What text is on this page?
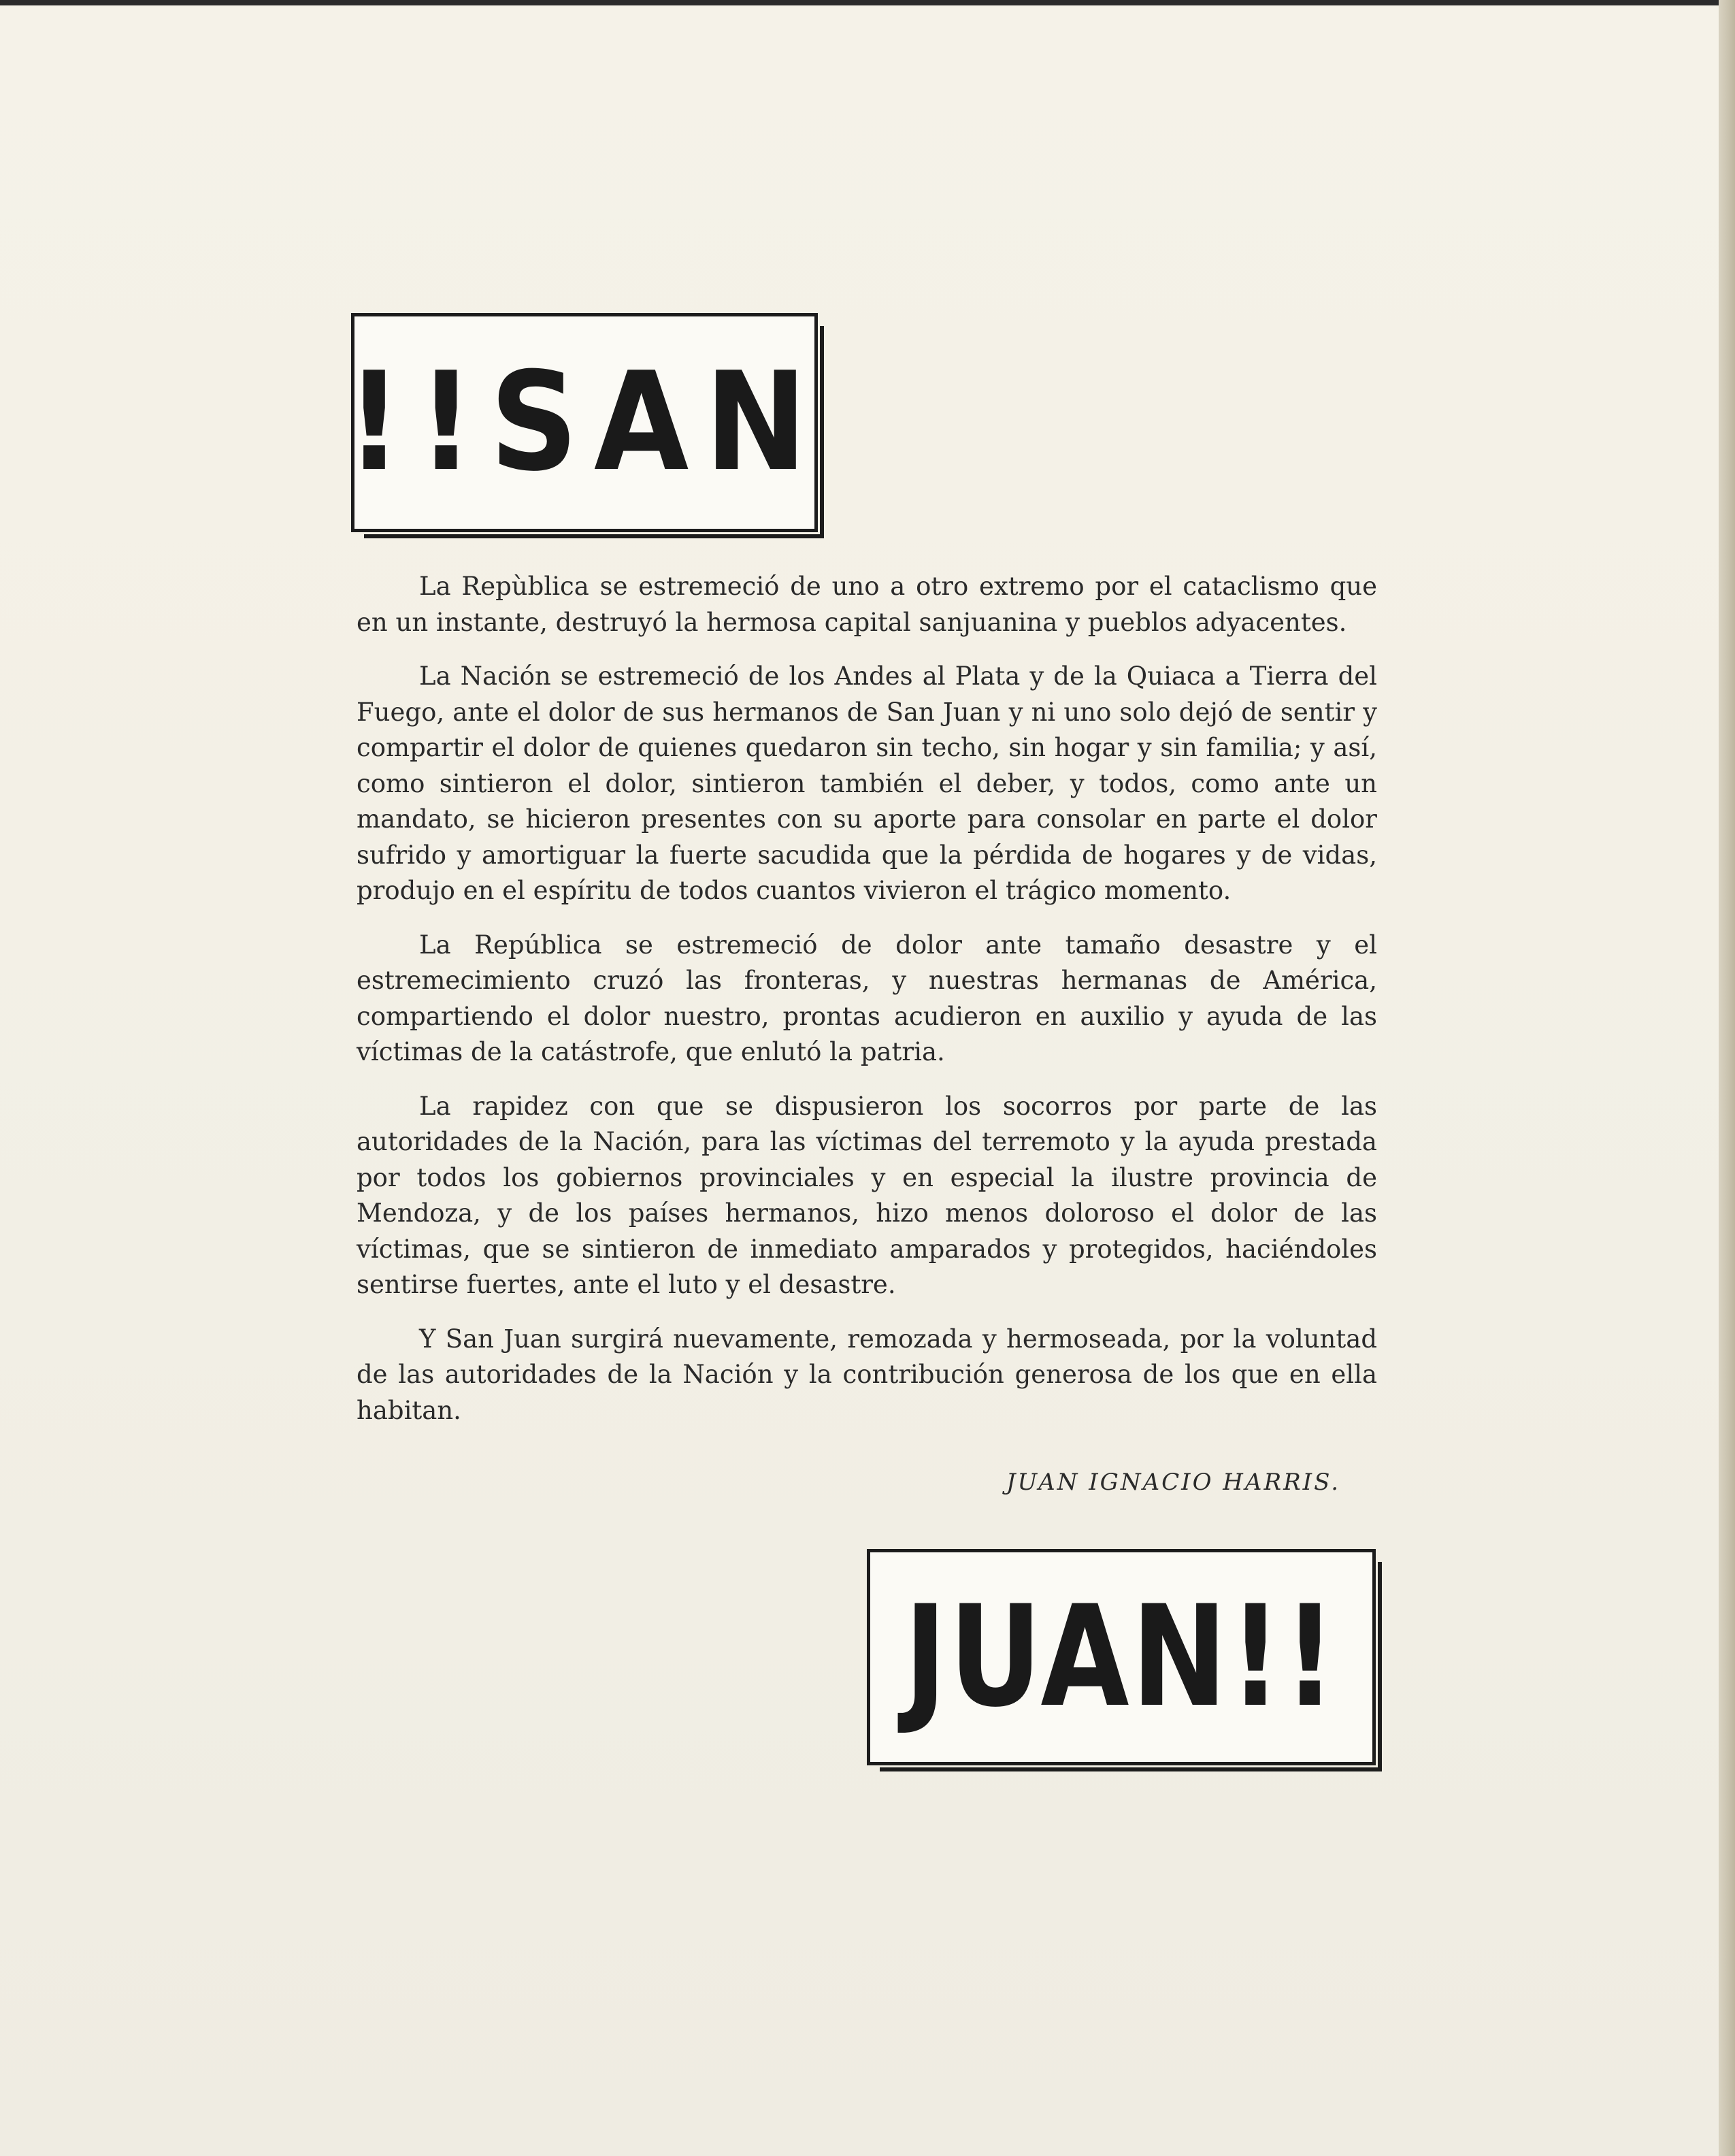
!!SAN

La Repùblica se estremeció de uno a otro extremo por el cataclismo que en un instante, destruyó la hermosa capital sanjuanina y pueblos adyacentes.

La Nación se estremeció de los Andes al Plata y de la Quiaca a Tierra del Fuego, ante el dolor de sus hermanos de San Juan y ni uno solo dejó de sentir y compartir el dolor de quienes quedaron sin techo, sin hogar y sin familia; y así, como sintieron el dolor, sintieron también el deber, y todos, como ante un mandato, se hicieron presentes con su aporte para consolar en parte el dolor sufrido y amortiguar la fuerte sacudida que la pérdida de hogares y de vidas, produjo en el espíritu de todos cuantos vivieron el trágico momento.

La República se estremeció de dolor ante tamaño desastre y el estremecimiento cruzó las fronteras, y nuestras hermanas de América, compartiendo el dolor nuestro, prontas acudieron en auxilio y ayuda de las víctimas de la catástrofe, que enlutó la patria.

La rapidez con que se dispusieron los socorros por parte de las autoridades de la Nación, para las víctimas del terremoto y la ayuda prestada por todos los gobiernos provinciales y en especial la ilustre provincia de Mendoza, y de los países hermanos, hizo menos doloroso el dolor de las víctimas, que se sintieron de inmediato amparados y protegidos, haciéndoles sentirse fuertes, ante el luto y el desastre.

Y San Juan surgirá nuevamente, remozada y hermoseada, por la voluntad de las autoridades de la Nación y la contribución generosa de los que en ella habitan.

JUAN IGNACIO HARRIS.
JUAN!!
